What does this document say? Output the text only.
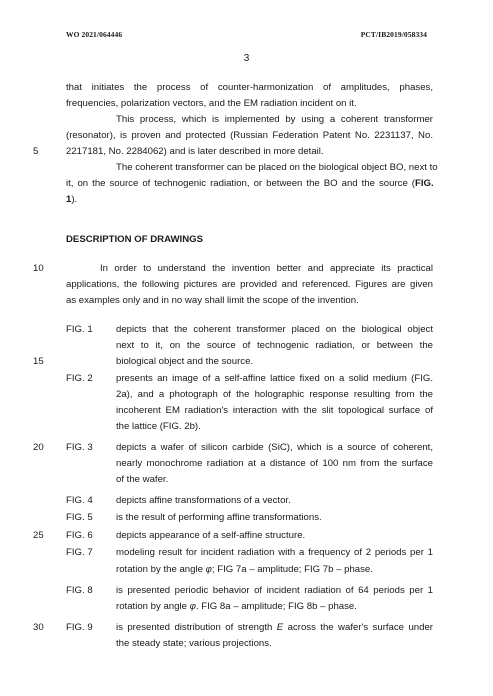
WO 2021/064446	PCT/IB2019/058334
3
that initiates the process of counter-harmonization of amplitudes, phases,
frequencies, polarization vectors, and the EM radiation incident on it.
This process, which is implemented by using a coherent transformer
(resonator), is proven and protected (Russian Federation Patent No. 2231137, No.
5	2217181, No. 2284062) and is later described in more detail.
The coherent transformer can be placed on the biological object BO, next to
it, on the source of technogenic radiation, or between the BO and the source (FIG.
1).
DESCRIPTION OF DRAWINGS
10	In order to understand the invention better and appreciate its practical
applications, the following pictures are provided and referenced. Figures are given
as examples only and in no way shall limit the scope of the invention.
FIG. 1 depicts that the coherent transformer placed on the biological object
next to it, on the source of technogenic radiation, or between the
15	biological object and the source.
FIG. 2 presents an image of a self-affine lattice fixed on a solid medium (FIG.
2a), and a photograph of the holographic response resulting from the
incoherent EM radiation's interaction with the slit topological surface of
the lattice (FIG. 2b).
20	FIG. 3 depicts a wafer of silicon carbide (SiC), which is a source of coherent,
nearly monochrome radiation at a distance of 100 nm from the surface
of the wafer.
FIG. 4 depicts affine transformations of a vector.
FIG. 5 is the result of performing affine transformations.
25	FIG. 6 depicts appearance of a self-affine structure.
FIG. 7 modeling result for incident radiation with a frequency of 2 periods per 1
rotation by the angle φ; FIG 7a – amplitude; FIG 7b – phase.
FIG. 8 is presented periodic behavior of incident radiation of 64 periods per 1
rotation by angle φ. FIG 8a – amplitude; FIG 8b – phase.
30	FIG. 9 is presented distribution of strength E across the wafer's surface under
the steady state; various projections.
